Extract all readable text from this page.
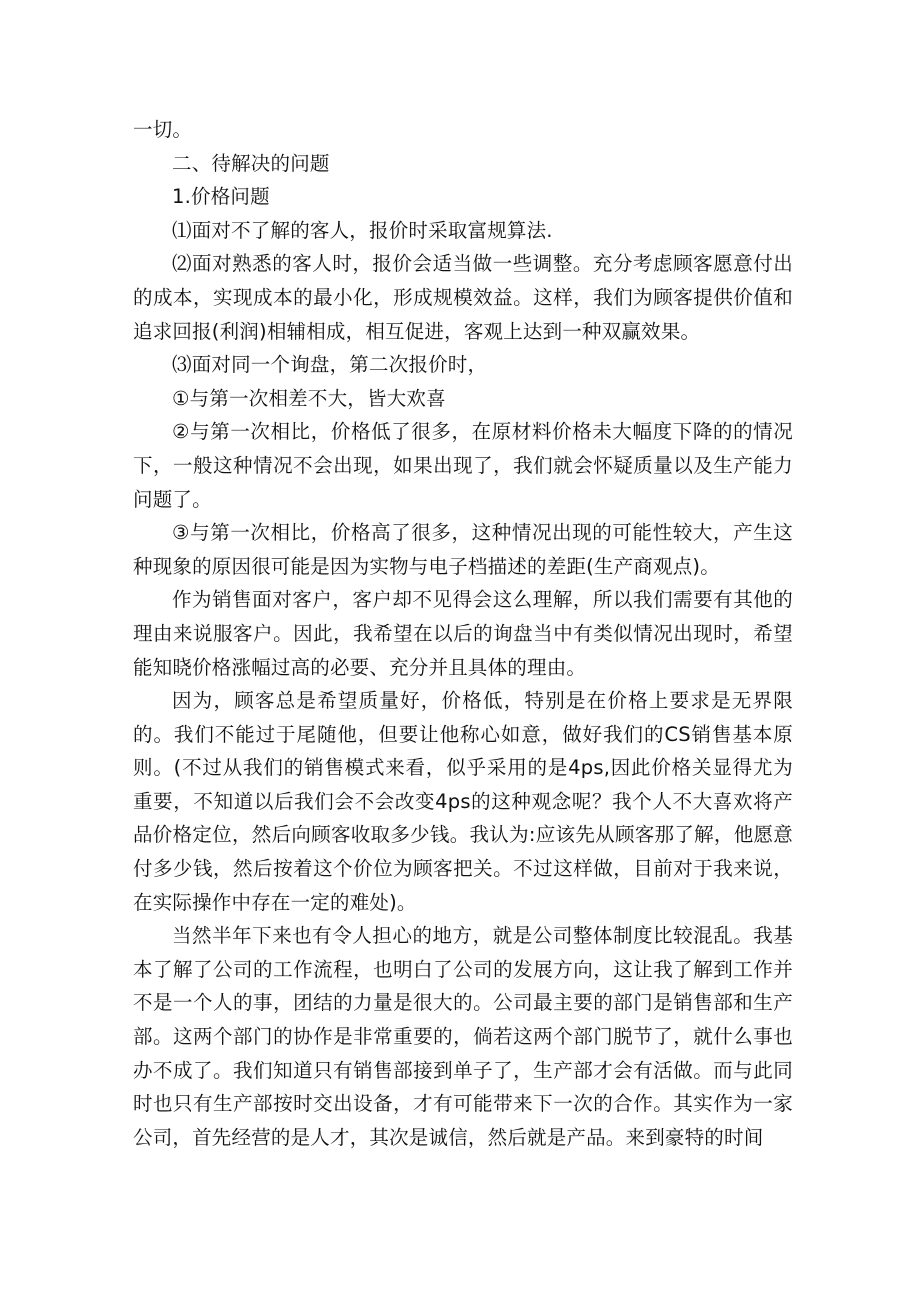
一切。

二、待解决的问题

1.价格问题

⑴面对不了解的客人，报价时采取富规算法.

⑵面对熟悉的客人时，报价会适当做一些调整。充分考虑顾客愿意付出的成本，实现成本的最小化，形成规模效益。这样，我们为顾客提供价值和追求回报(利润)相辅相成，相互促进，客观上达到一种双赢效果。

⑶面对同一个询盘，第二次报价时，

①与第一次相差不大，皆大欢喜

②与第一次相比，价格低了很多，在原材料价格未大幅度下降的的情况下，一般这种情况不会出现，如果出现了，我们就会怀疑质量以及生产能力问题了。

③与第一次相比，价格高了很多，这种情况出现的可能性较大，产生这种现象的原因很可能是因为实物与电子档描述的差距(生产商观点)。

作为销售面对客户，客户却不见得会这么理解，所以我们需要有其他的理由来说服客户。因此，我希望在以后的询盘当中有类似情况出现时，希望能知晓价格涨幅过高的必要、充分并且具体的理由。

因为，顾客总是希望质量好，价格低，特别是在价格上要求是无界限的。我们不能过于尾随他，但要让他称心如意，做好我们的CS销售基本原则。(不过从我们的销售模式来看，似乎采用的是4ps,因此价格关显得尤为重要，不知道以后我们会不会改变4ps的这种观念呢？我个人不大喜欢将产品价格定位，然后向顾客收取多少钱。我认为:应该先从顾客那了解，他愿意付多少钱，然后按着这个价位为顾客把关。不过这样做，目前对于我来说，在实际操作中存在一定的难处)。

当然半年下来也有令人担心的地方，就是公司整体制度比较混乱。我基本了解了公司的工作流程，也明白了公司的发展方向，这让我了解到工作并不是一个人的事，团结的力量是很大的。公司最主要的部门是销售部和生产部。这两个部门的协作是非常重要的，倘若这两个部门脱节了，就什么事也办不成了。我们知道只有销售部接到单子了，生产部才会有活做。而与此同时也只有生产部按时交出设备，才有可能带来下一次的合作。其实作为一家公司，首先经营的是人才，其次是诚信，然后就是产品。来到豪特的时间
